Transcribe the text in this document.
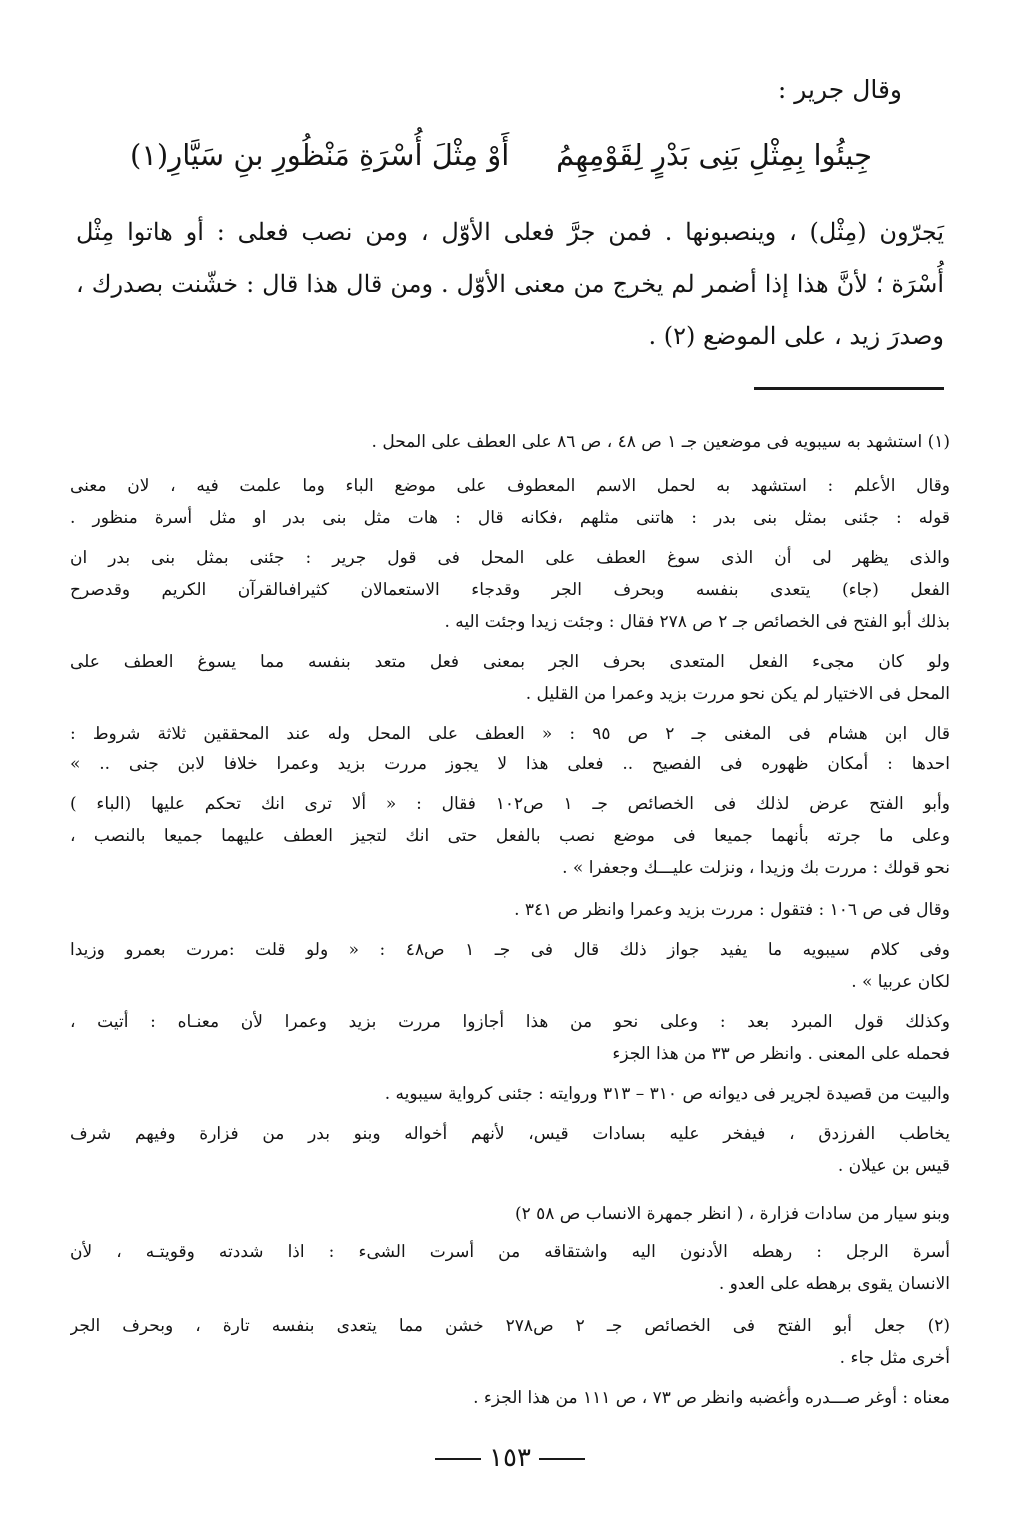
وقال جرير :
جِيئُوا بِمِثْلِ بَنِى بَدْرٍ لِقَوْمِهِمُ
أَوْ مِثْلَ أُسْرَةِ مَنْظُورِ بنِ سَيَّارِ(١)
يَجرّون (مِثْل) ، وينصبونها . فمن جرَّ فعلى الأوّل ، ومن نصب فعلى : أو هاتوا مِثْل
أُسْرَة ؛ لأنَّ هذا إذا أضمر لم يخرج من معنى الأوّل . ومن قال هذا قال : خشّنت بصدرك ،
وصدرَ زيد ، على الموضع (٢) .
(١) استشهد به سيبويه فى موضعين جـ ١ ص ٤٨ ، ص ٨٦ على العطف على المحل .
وقال الأعلم : استشهد به لحمل الاسم المعطوف على موضع الباء وما علمت فيه ، لان معنى
قوله : جئنى بمثل بنى بدر : هاتنى مثلهم ،فكانه قال : هات مثل بنى بدر او مثل أسرة منظور .
والذى يظهر لى أن الذى سوغ العطف على المحل فى قول جرير : جئنى بمثل بنى بدر ان
الفعل (جاء) يتعدى بنفسه وبحرف الجر وقدجاء الاستعمالان كثيرافىالقرآن الكريم وقدصرح
بذلك أبو الفتح فى الخصائص جـ ٢ ص ٢٧٨ فقال : وجئت زيدا وجئت اليه .
ولو كان مجىء الفعل المتعدى بحرف الجر بمعنى فعل متعد بنفسه مما يسوغ العطف على
المحل فى الاختيار لم يكن نحو مررت بزيد وعمرا من القليل .
قال ابن هشام فى المغنى جـ ٢ ص ٩٥ : « العطف على المحل وله عند المحققين ثلاثة شروط :
احدها : أمكان ظهوره فى الفصيح .. فعلى هذا لا يجوز مررت بزيد وعمرا خلافا لابن جنى .. »
وأبو الفتح عرض لذلك فى الخصائص جـ ١ ص١٠٢ فقال : « ألا ترى انك تحكم عليها (الباء )
وعلى ما جرته بأنهما جميعا فى موضع نصب بالفعل حتى انك لتجيز العطف عليهما جميعا بالنصب ،
نحو قولك : مررت بك وزيدا ، ونزلت عليـــك وجعفرا » .
وقال فى ص ١٠٦ : فتقول : مررت بزيد وعمرا وانظر ص ٣٤١ .
وفى كلام سيبويه ما يفيد جواز ذلك قال فى جـ ١ ص٤٨ : « ولو قلت :مررت بعمرو وزيدا
لكان عربيا » .
وكذلك قول المبرد بعد : وعلى نحو من هذا أجازوا مررت بزيد وعمرا لأن معنـاه : أتيت ،
فحمله على المعنى . وانظر ص ٣٣ من هذا الجزء
والبيت من قصيدة لجرير فى ديوانه ص ٣١٠ – ٣١٣ وروايته : جئنى كرواية سيبويه .
يخاطب الفرزدق ، فيفخر عليه بسادات قيس، لأنهم أخواله وبنو بدر من فزارة وفيهم شرف
قيس بن عيلان .
وبنو سيار من سادات فزارة ، ( انظر جمهرة الانساب ص ٥٨ ٢)
أسرة الرجل : رهطه الأدنون اليه واشتقاقه من أسرت الشىء : اذا شددته وقويتـه ، لأن
الانسان يقوى برهطه على العدو .
(٢) جعل أبو الفتح فى الخصائص جـ ٢ ص٢٧٨ خشن مما يتعدى بنفسه تارة ، وبحرف الجر
أخرى مثل جاء .
معناه : أوغر صـــدره وأغضبه وانظر ص ٧٣ ، ص ١١١ من هذا الجزء .
١٥٣
